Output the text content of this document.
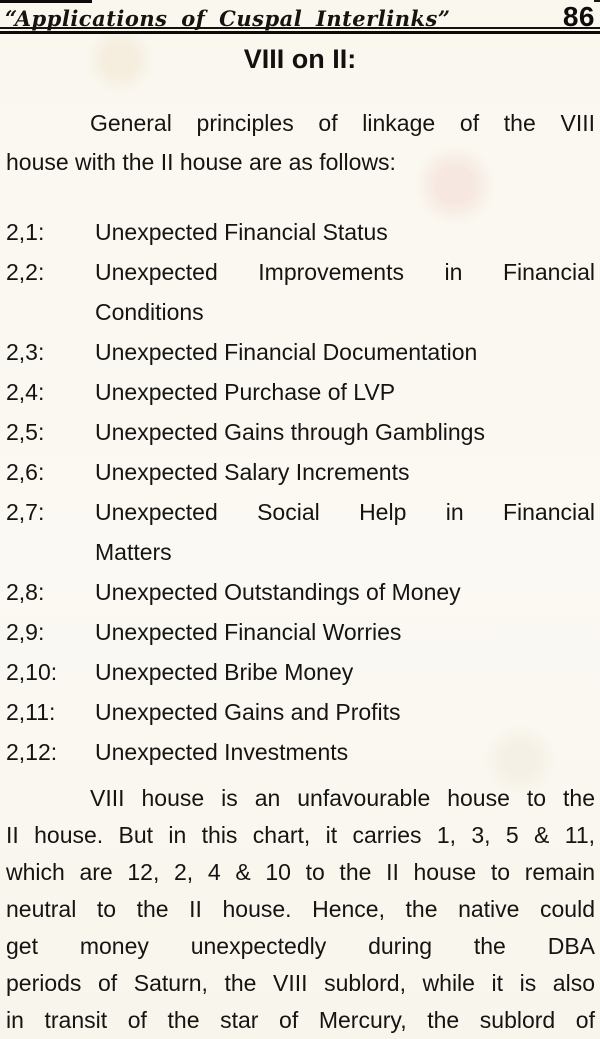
“Applications of Cuspal Interlinks”	86
VIII on II:
General principles of linkage of the VIII
house with the II house are as follows:
2,1:	Unexpected Financial Status
2,2:	Unexpected Improvements in Financial
Conditions
2,3:	Unexpected Financial Documentation
2,4:	Unexpected Purchase of LVP
2,5:	Unexpected Gains through Gamblings
2,6:	Unexpected Salary Increments
2,7:	Unexpected Social Help in Financial
Matters
2,8:	Unexpected Outstandings of Money
2,9:	Unexpected Financial Worries
2,10:	Unexpected Bribe Money
2,11:	Unexpected Gains and Profits
2,12:	Unexpected Investments
VIII house is an unfavourable house to the
II house. But in this chart, it carries 1, 3, 5 & 11,
which are 12, 2, 4 & 10 to the II house to remain
neutral to the II house. Hence, the native could
get money unexpectedly during the DBA
periods of Saturn, the VIII sublord, while it is also
in transit of the star of Mercury, the sublord of
